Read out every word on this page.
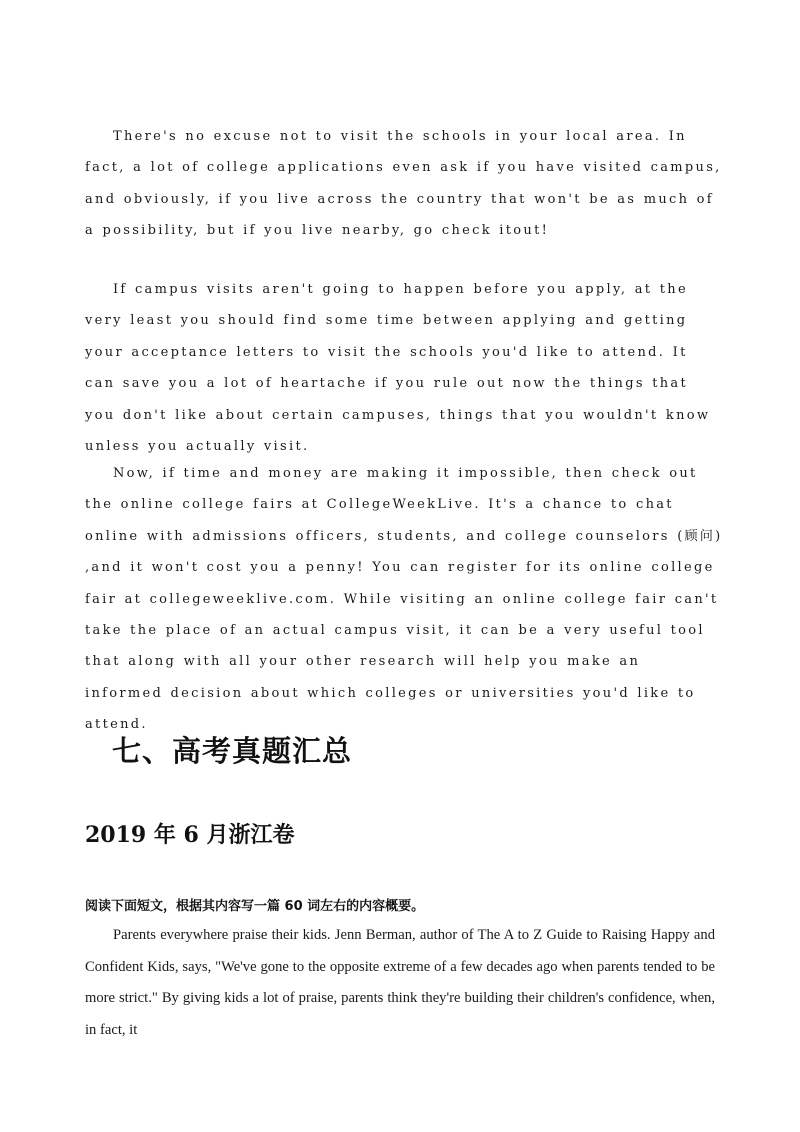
There's no excuse not to visit the schools in your local area. In fact, a lot of college applications even ask if you have visited campus, and obviously, if you live across the country that won't be as much of a possibility, but if you live nearby, go check itout!

If campus visits aren't going to happen before you apply, at the very least you should find some time between applying and getting your acceptance letters to visit the schools you'd like to attend. It can save you a lot of heartache if you rule out now the things that you don't like about certain campuses, things that you wouldn't know unless you actually visit.

Now, if time and money are making it impossible, then check out the online college fairs at CollegeWeekLive. It's a chance to chat online with admissions officers, students, and college counselors (顾问) ,and it won't cost you a penny! You can register for its online college fair at collegeweeklive.com. While visiting an online college fair can't take the place of an actual campus visit, it can be a very useful tool that along with all your other research will help you make an informed decision about which colleges or universities you'd like to attend.

七、高考真题汇总
2019 年 6 月浙江卷

阅读下面短文，根据其内容写一篇 60 词左右的内容概要。

Parents everywhere praise their kids. Jenn Berman, author of The A to Z Guide to Raising Happy and Confident Kids, says, "We've gone to the opposite extreme of a few decades ago when parents tended to be more strict." By giving kids a lot of praise, parents think they're building their children's confidence, when, in fact, it
